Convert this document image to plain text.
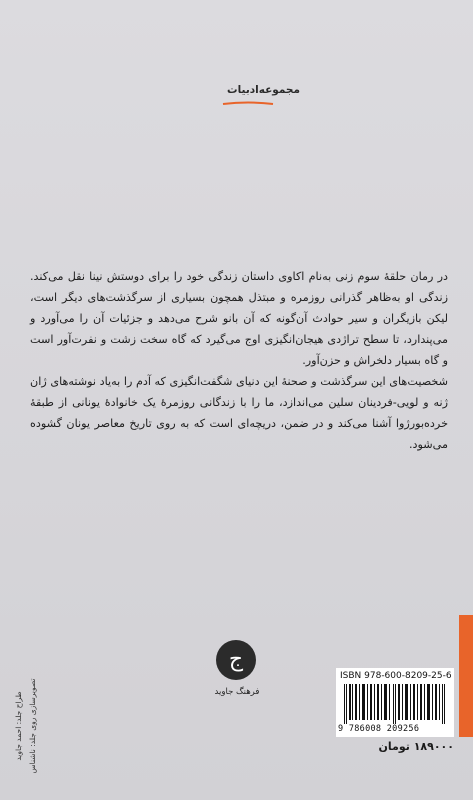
مجموعه‌ادبیات

در رمان حلقهٔ سوم زنی به‌نام اکاوی داستان زندگی خود را برای دوستش نینا نقل می‌کند. زندگی او به‌ظاهر گذرانی روزمره و مبتذل همچون بسیاری از سرگذشت‌های دیگر است، لیکن بازیگران و سیر حوادث آن‌گونه که آن بانو شرح می‌دهد و جزئیات آن را می‌آورد و می‌پندارد، تا سطح تراژدی هیجان‌انگیزی اوج می‌گیرد که گاه سخت زشت و نفرت‌آور است و گاه بسیار دلخراش و حزن‌آور.

شخصیت‌های این سرگذشت و صحنهٔ این دنیای شگفت‌انگیزی که آدم را به‌یاد نوشته‌های ژان ژنه و لویی-فردینان سلین می‌اندازد، ما را با زندگانی روزمرهٔ یک خانوادهٔ یونانی از طبقهٔ خرده‌بورژوا آشنا می‌کند و در ضمن، دریچه‌ای است که به روی تاریخ معاصر یونان گشوده می‌شود.

طراح جلد: احمد جاوید تصویرسازی روی جلد: ناشناس
ج
فرهنگ جاوید
ISBN 978-600-8209-25-6
9 786008 209256
۱۸۹۰۰۰ تومان
